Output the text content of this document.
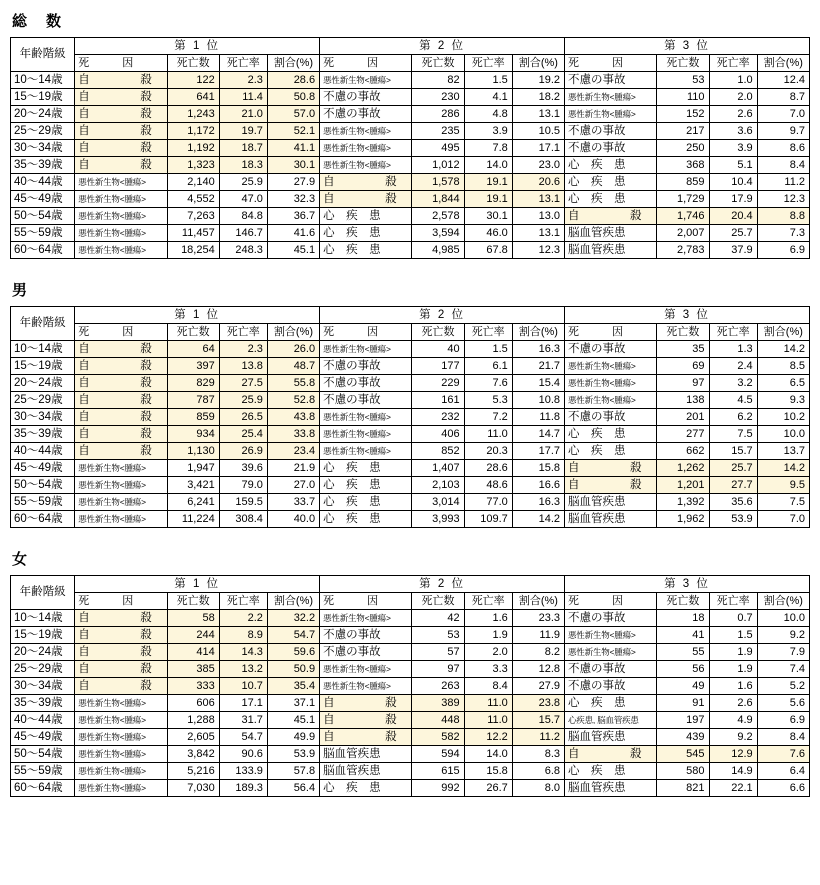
総　数
年齢階級	第 1 位				第 2 位				第 3 位			
	死　　　因	死亡数	死亡率	割合(%)	死　　　因	死亡数	死亡率	割合(%)	死　　　因	死亡数	死亡率	割合(%)
10～14歳	自　　　殺	122	2.3	28.6	悪性新生物<腫瘍>	82	1.5	19.2	不慮の事故	53	1.0	12.4
15～19歳	自　　　殺	641	11.4	50.8	不慮の事故	230	4.1	18.2	悪性新生物<腫瘍>	110	2.0	8.7
20～24歳	自　　　殺	1,243	21.0	57.0	不慮の事故	286	4.8	13.1	悪性新生物<腫瘍>	152	2.6	7.0
25～29歳	自　　　殺	1,172	19.7	52.1	悪性新生物<腫瘍>	235	3.9	10.5	不慮の事故	217	3.6	9.7
30～34歳	自　　　殺	1,192	18.7	41.1	悪性新生物<腫瘍>	495	7.8	17.1	不慮の事故	250	3.9	8.6
35～39歳	自　　　殺	1,323	18.3	30.1	悪性新生物<腫瘍>	1,012	14.0	23.0	心　疾　患	368	5.1	8.4
40～44歳	悪性新生物<腫瘍>	2,140	25.9	27.9	自　　　殺	1,578	19.1	20.6	心　疾　患	859	10.4	11.2
45～49歳	悪性新生物<腫瘍>	4,552	47.0	32.3	自　　　殺	1,844	19.1	13.1	心　疾　患	1,729	17.9	12.3
50～54歳	悪性新生物<腫瘍>	7,263	84.8	36.7	心　疾　患	2,578	30.1	13.0	自　　　殺	1,746	20.4	8.8
55～59歳	悪性新生物<腫瘍>	11,457	146.7	41.6	心　疾　患	3,594	46.0	13.1	脳血管疾患	2,007	25.7	7.3
60～64歳	悪性新生物<腫瘍>	18,254	248.3	45.1	心　疾　患	4,985	67.8	12.3	脳血管疾患	2,783	37.9	6.9
男
年齢階級	第 1 位				第 2 位				第 3 位			
	死　　　因	死亡数	死亡率	割合(%)	死　　　因	死亡数	死亡率	割合(%)	死　　　因	死亡数	死亡率	割合(%)
10～14歳	自　　　殺	64	2.3	26.0	悪性新生物<腫瘍>	40	1.5	16.3	不慮の事故	35	1.3	14.2
15～19歳	自　　　殺	397	13.8	48.7	不慮の事故	177	6.1	21.7	悪性新生物<腫瘍>	69	2.4	8.5
20～24歳	自　　　殺	829	27.5	55.8	不慮の事故	229	7.6	15.4	悪性新生物<腫瘍>	97	3.2	6.5
25～29歳	自　　　殺	787	25.9	52.8	不慮の事故	161	5.3	10.8	悪性新生物<腫瘍>	138	4.5	9.3
30～34歳	自　　　殺	859	26.5	43.8	悪性新生物<腫瘍>	232	7.2	11.8	不慮の事故	201	6.2	10.2
35～39歳	自　　　殺	934	25.4	33.8	悪性新生物<腫瘍>	406	11.0	14.7	心　疾　患	277	7.5	10.0
40～44歳	自　　　殺	1,130	26.9	23.4	悪性新生物<腫瘍>	852	20.3	17.7	心　疾　患	662	15.7	13.7
45～49歳	悪性新生物<腫瘍>	1,947	39.6	21.9	心　疾　患	1,407	28.6	15.8	自　　　殺	1,262	25.7	14.2
50～54歳	悪性新生物<腫瘍>	3,421	79.0	27.0	心　疾　患	2,103	48.6	16.6	自　　　殺	1,201	27.7	9.5
55～59歳	悪性新生物<腫瘍>	6,241	159.5	33.7	心　疾　患	3,014	77.0	16.3	脳血管疾患	1,392	35.6	7.5
60～64歳	悪性新生物<腫瘍>	11,224	308.4	40.0	心　疾　患	3,993	109.7	14.2	脳血管疾患	1,962	53.9	7.0
女
年齢階級	第 1 位				第 2 位				第 3 位			
	死　　　因	死亡数	死亡率	割合(%)	死　　　因	死亡数	死亡率	割合(%)	死　　　因	死亡数	死亡率	割合(%)
10～14歳	自　　　殺	58	2.2	32.2	悪性新生物<腫瘍>	42	1.6	23.3	不慮の事故	18	0.7	10.0
15～19歳	自　　　殺	244	8.9	54.7	不慮の事故	53	1.9	11.9	悪性新生物<腫瘍>	41	1.5	9.2
20～24歳	自　　　殺	414	14.3	59.6	不慮の事故	57	2.0	8.2	悪性新生物<腫瘍>	55	1.9	7.9
25～29歳	自　　　殺	385	13.2	50.9	悪性新生物<腫瘍>	97	3.3	12.8	不慮の事故	56	1.9	7.4
30～34歳	自　　　殺	333	10.7	35.4	悪性新生物<腫瘍>	263	8.4	27.9	不慮の事故	49	1.6	5.2
35～39歳	悪性新生物<腫瘍>	606	17.1	37.1	自　　　殺	389	11.0	23.8	心　疾　患	91	2.6	5.6
40～44歳	悪性新生物<腫瘍>	1,288	31.7	45.1	自　　　殺	448	11.0	15.7	心疾患, 脳血管疾患	197	4.9	6.9
45～49歳	悪性新生物<腫瘍>	2,605	54.7	49.9	自　　　殺	582	12.2	11.2	脳血管疾患	439	9.2	8.4
50～54歳	悪性新生物<腫瘍>	3,842	90.6	53.9	脳血管疾患	594	14.0	8.3	自　　　殺	545	12.9	7.6
55～59歳	悪性新生物<腫瘍>	5,216	133.9	57.8	脳血管疾患	615	15.8	6.8	心　疾　患	580	14.9	6.4
60～64歳	悪性新生物<腫瘍>	7,030	189.3	56.4	心　疾　患	992	26.7	8.0	脳血管疾患	821	22.1	6.6
